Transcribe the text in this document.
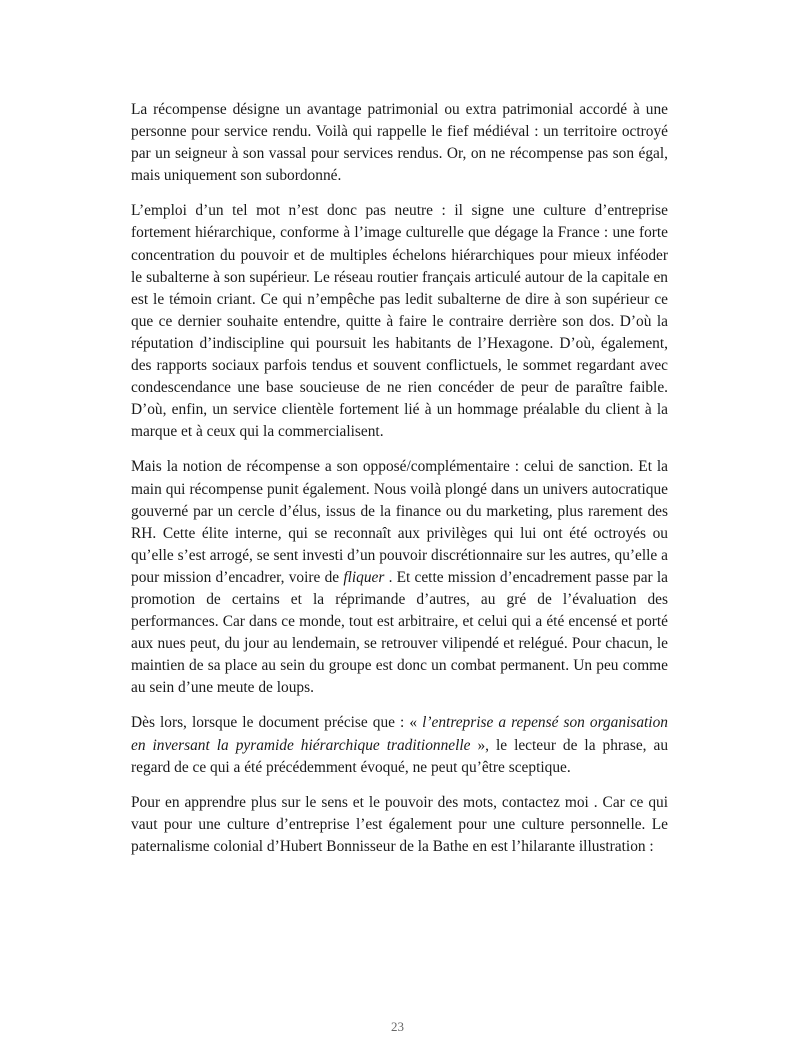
La récompense désigne un avantage patrimonial ou extra patrimonial accordé à une personne pour service rendu. Voilà qui rappelle le fief médiéval : un territoire octroyé par un seigneur à son vassal pour services rendus. Or, on ne récompense pas son égal, mais uniquement son subordonné.

L’emploi d’un tel mot n’est donc pas neutre : il signe une culture d’entreprise fortement hiérarchique, conforme à l’image culturelle que dégage la France : une forte concentration du pouvoir et de multiples échelons hiérarchiques pour mieux inféoder le subalterne à son supérieur. Le réseau routier français articulé autour de la capitale en est le témoin criant. Ce qui n’empêche pas ledit subalterne de dire à son supérieur ce que ce dernier souhaite entendre, quitte à faire le contraire derrière son dos. D’où la réputation d’indiscipline qui poursuit les habitants de l’Hexagone. D’où, également, des rapports sociaux parfois tendus et souvent conflictuels, le sommet regardant avec condescendance une base soucieuse de ne rien concéder de peur de paraître faible. D’où, enfin, un service clientèle fortement lié à un hommage préalable du client à la marque et à ceux qui la commercialisent.

Mais la notion de récompense a son opposé/complémentaire : celui de sanction. Et la main qui récompense punit également. Nous voilà plongé dans un univers autocratique gouverné par un cercle d’élus, issus de la finance ou du marketing, plus rarement des RH. Cette élite interne, qui se reconnaît aux privilèges qui lui ont été octroyés ou qu’elle s’est arrogé, se sent investi d’un pouvoir discrétionnaire sur les autres, qu’elle a pour mission d’encadrer, voire de fliquer . Et cette mission d’encadrement passe par la promotion de certains et la réprimande d’autres, au gré de l’évaluation des performances. Car dans ce monde, tout est arbitraire, et celui qui a été encensé et porté aux nues peut, du jour au lendemain, se retrouver vilipendé et relégué. Pour chacun, le maintien de sa place au sein du groupe est donc un combat permanent. Un peu comme au sein d’une meute de loups.

Dès lors, lorsque le document précise que : « l’entreprise a repensé son organisation en inversant la pyramide hiérarchique traditionnelle », le lecteur de la phrase, au regard de ce qui a été précédemment évoqué, ne peut qu’être sceptique.

Pour en apprendre plus sur le sens et le pouvoir des mots, contactez moi . Car ce qui vaut pour une culture d’entreprise l’est également pour une culture personnelle. Le paternalisme colonial d’Hubert Bonnisseur de la Bathe en est l’hilarante illustration :

23
